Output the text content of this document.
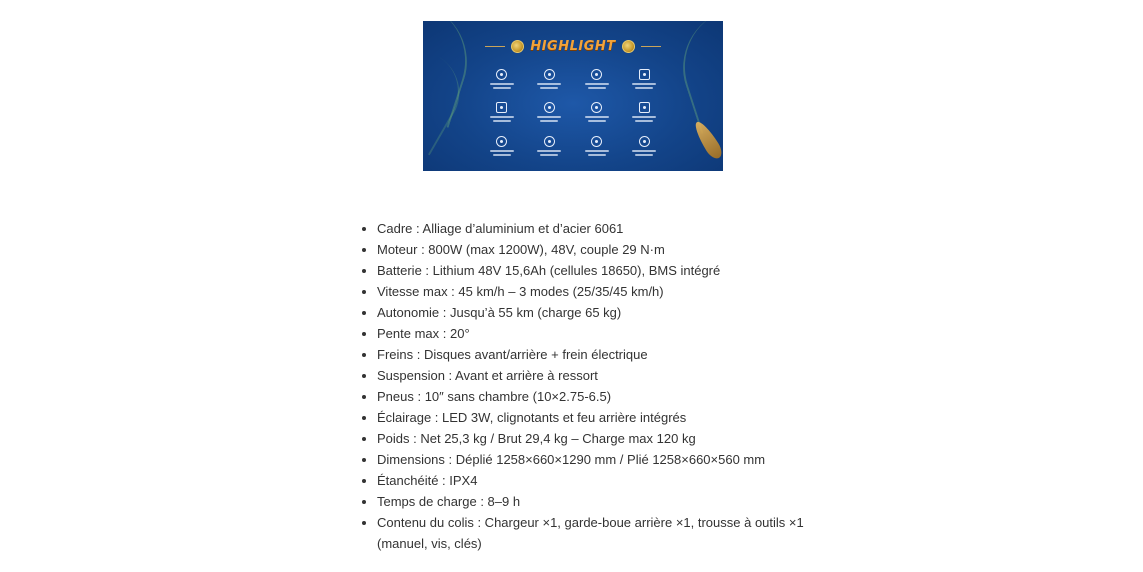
HIGHLIGHT
• Cadre : Alliage d’aluminium et d’acier 6061
• Moteur : 800W (max 1200W), 48V, couple 29 N·m
• Batterie : Lithium 48V 15,6Ah (cellules 18650), BMS intégré
• Vitesse max : 45 km/h – 3 modes (25/35/45 km/h)
• Autonomie : Jusqu’à 55 km (charge 65 kg)
• Pente max : 20°
• Freins : Disques avant/arrière + frein électrique
• Suspension : Avant et arrière à ressort
• Pneus : 10″ sans chambre (10×2.75-6.5)
• Éclairage : LED 3W, clignotants et feu arrière intégrés
• Poids : Net 25,3 kg / Brut 29,4 kg – Charge max 120 kg
• Dimensions : Déplié 1258×660×1290 mm / Plié 1258×660×560 mm
• Étanchéité : IPX4
• Temps de charge : 8–9 h
• Contenu du colis : Chargeur ×1, garde-boue arrière ×1, trousse à outils ×1 (manuel, vis, clés)
